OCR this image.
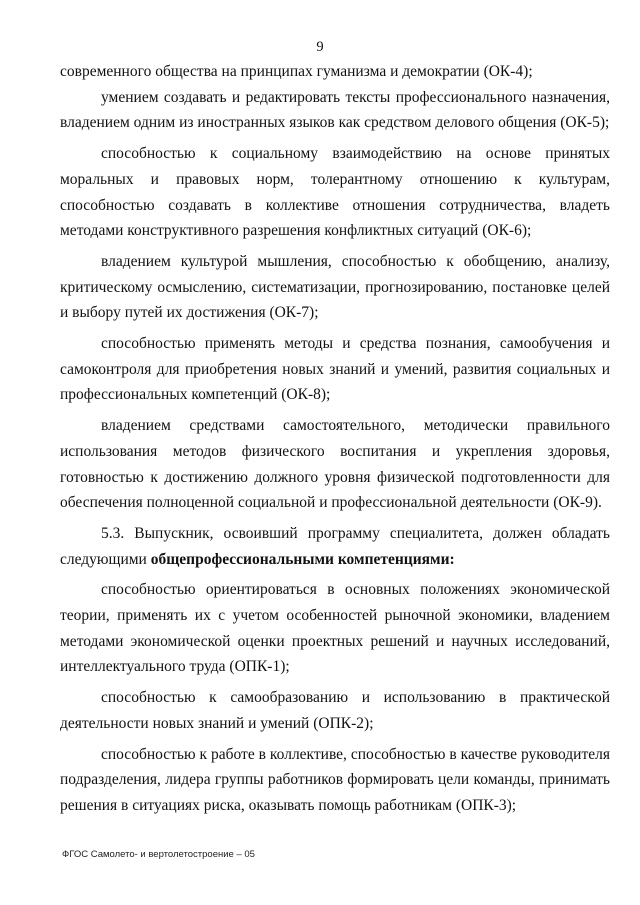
9

современного общества на принципах гуманизма и демократии (ОК-4);

умением создавать и редактировать тексты профессионального назначения, владением одним из иностранных языков как средством делового общения (ОК-5);

способностью к социальному взаимодействию на основе принятых моральных и правовых норм, толерантному отношению к культурам, способностью создавать в коллективе отношения сотрудничества, владеть методами конструктивного разрешения конфликтных ситуаций (ОК-6);

владением культурой мышления, способностью к обобщению, анализу, критическому осмыслению, систематизации, прогнозированию, постановке целей и выбору путей их достижения (ОК-7);

способностью применять методы и средства познания, самообучения и самоконтроля для приобретения новых знаний и умений, развития социальных и профессиональных компетенций (ОК-8);

владением средствами самостоятельного, методически правильного использования методов физического воспитания и укрепления здоровья, готовностью к достижению должного уровня физической подготовленности для обеспечения полноценной социальной и профессиональной деятельности (ОК-9).

5.3. Выпускник, освоивший программу специалитета, должен обладать следующими общепрофессиональными компетенциями:

способностью ориентироваться в основных положениях экономической теории, применять их с учетом особенностей рыночной экономики, владением методами экономической оценки проектных решений и научных исследований, интеллектуального труда (ОПК-1);

способностью к самообразованию и использованию в практической деятельности новых знаний и умений (ОПК-2);

способностью к работе в коллективе, способностью в качестве руководителя подразделения, лидера группы работников формировать цели команды, принимать решения в ситуациях риска, оказывать помощь работникам (ОПК-3);

ФГОС Самолето- и вертолетостроение – 05
